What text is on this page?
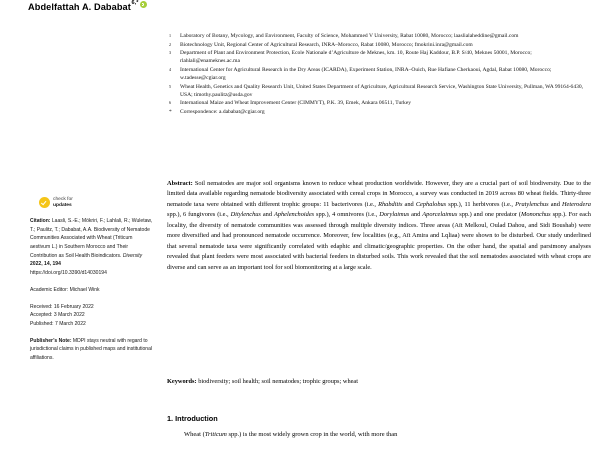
Abdelfattah A. Dababat 6,*
1	Laboratory of Botany, Mycology, and Environment, Faculty of Science, Mohammed V University, Rabat 10080, Morocco; laaslialaheddine@gmail.com
2	Biotechnology Unit, Regional Center of Agricultural Research, INRA–Morocco, Rabat 10080, Morocco; fmokrini.inra@gmail.com
3	Department of Plant and Environment Protection, Ecole Nationale d’Agriculture de Meknes, km. 10, Route Haj Kaddour, B.P. S/40, Meknes 50001, Morocco; rlahlali@enameknes.ac.ma
4	International Center for Agricultural Research in the Dry Areas (ICARDA), Experiment Station, INRA–Ouich, Rue Hafiane Cherkaoui, Agdal, Rabat 10080, Morocco; w.tadesse@cgiar.org
5	Wheat Health, Genetics and Quality Research Unit, United States Department of Agriculture, Agricultural Research Service, Washington State University, Pullman, WA 99164-6430, USA; timothy.paulitz@usda.gov
6	International Maize and Wheat Improvement Center (CIMMYT), P.K. 39, Emek, Ankara 06511, Turkey
*	Correspondence: a.dababat@cgiar.org
Abstract: Soil nematodes are major soil organisms known to reduce wheat production worldwide. However, they are a crucial part of soil biodiversity. Due to the limited data available regarding nematode biodiversity associated with cereal crops in Morocco, a survey was conducted in 2019 across 80 wheat fields. Thirty-three nematode taxa were obtained with different trophic groups: 11 bacterivores (i.e., Rhabditis and Cephalobus spp.), 11 herbivores (i.e., Pratylenchus and Heterodera spp.), 6 fungivores (i.e., Ditylenchus and Aphelenchoides spp.), 4 omnivores (i.e., Dorylaimus and Aporcelaimus spp.) and one predator (Mononchus spp.). For each locality, the diversity of nematode communities was assessed through multiple diversity indices. Three areas (Aït Melkoul, Oulad Dahou, and Sidi Boushab) were more diversified and had pronounced nematode occurrence. Moreover, few localities (e.g., Aït Amira and Lqliaa) were shown to be disturbed. Our study underlined that several nematode taxa were significantly correlated with edaphic and climatic/geographic properties. On the other hand, the spatial and parsimony analyses revealed that plant feeders were most associated with bacterial feeders in disturbed soils. This work revealed that the soil nematodes associated with wheat crops are diverse and can serve as an important tool for soil biomonitoring at a large scale.
Keywords: biodiversity; soil health; soil nematodes; trophic groups; wheat
1. Introduction
Wheat (Triticum spp.) is the most widely grown crop in the world, with more than
check for
updates
Citation: Laasli, S.-E.; Mökriri, F.; Lahlali, R.; Wuletaw, T.; Paulitz, T.; Dababat, A.A. Biodiversity of Nematode Communities Associated with Wheat (Triticum aestivum L.) in Southern Morocco and Their Contribution as Soil Health Bioindicators. Diversity 2022, 14, 194
https://doi.org/10.3390/d14030194
Academic Editor: Michael Wink
Received: 16 February 2022
Accepted: 3 March 2022
Published: 7 March 2022
Publisher’s Note: MDPI stays neutral with regard to jurisdictional claims in published maps and institutional affiliations.
